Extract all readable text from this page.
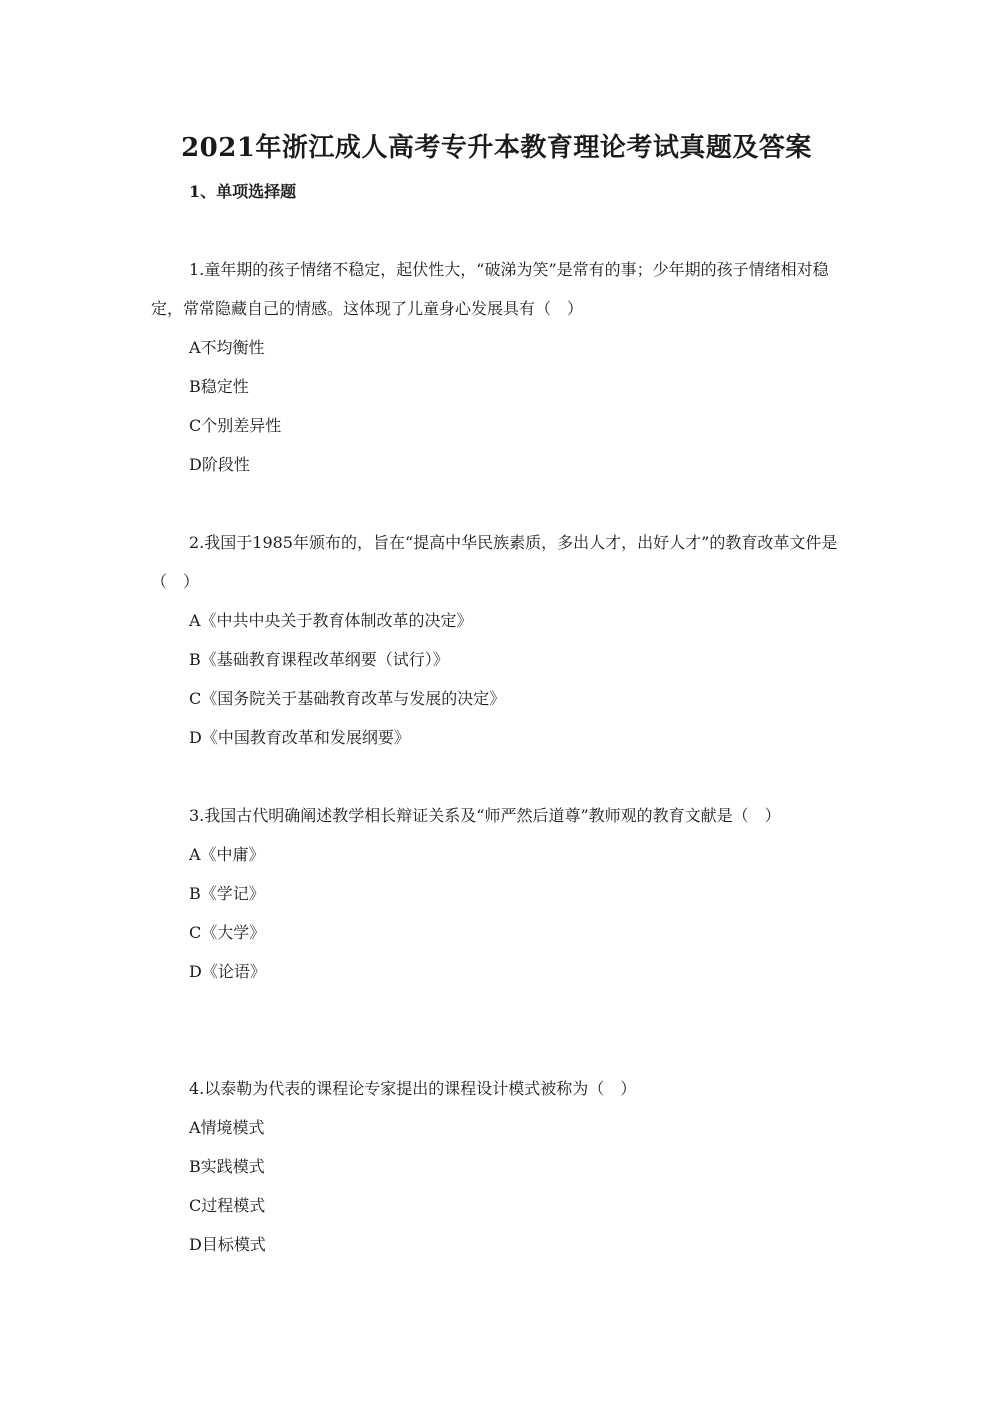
2021年浙江成人高考专升本教育理论考试真题及答案
1、单项选择题

1.童年期的孩子情绪不稳定，起伏性大，“破涕为笑”是常有的事；少年期的孩子情绪相对稳定，常常隐藏自己的情感。这体现了儿童身心发展具有（　）

A不均衡性
B稳定性
C个别差异性
D阶段性

2.我国于1985年颁布的，旨在“提高中华民族素质，多出人才，出好人才”的教育改革文件是（　）

A《中共中央关于教育体制改革的决定》
B《基础教育课程改革纲要（试行）》
C《国务院关于基础教育改革与发展的决定》
D《中国教育改革和发展纲要》

3.我国古代明确阐述教学相长辩证关系及“师严然后道尊”教师观的教育文献是（　）

A《中庸》
B《学记》
C《大学》
D《论语》

4.以泰勒为代表的课程论专家提出的课程设计模式被称为（　）

A情境模式
B实践模式
C过程模式
D目标模式
